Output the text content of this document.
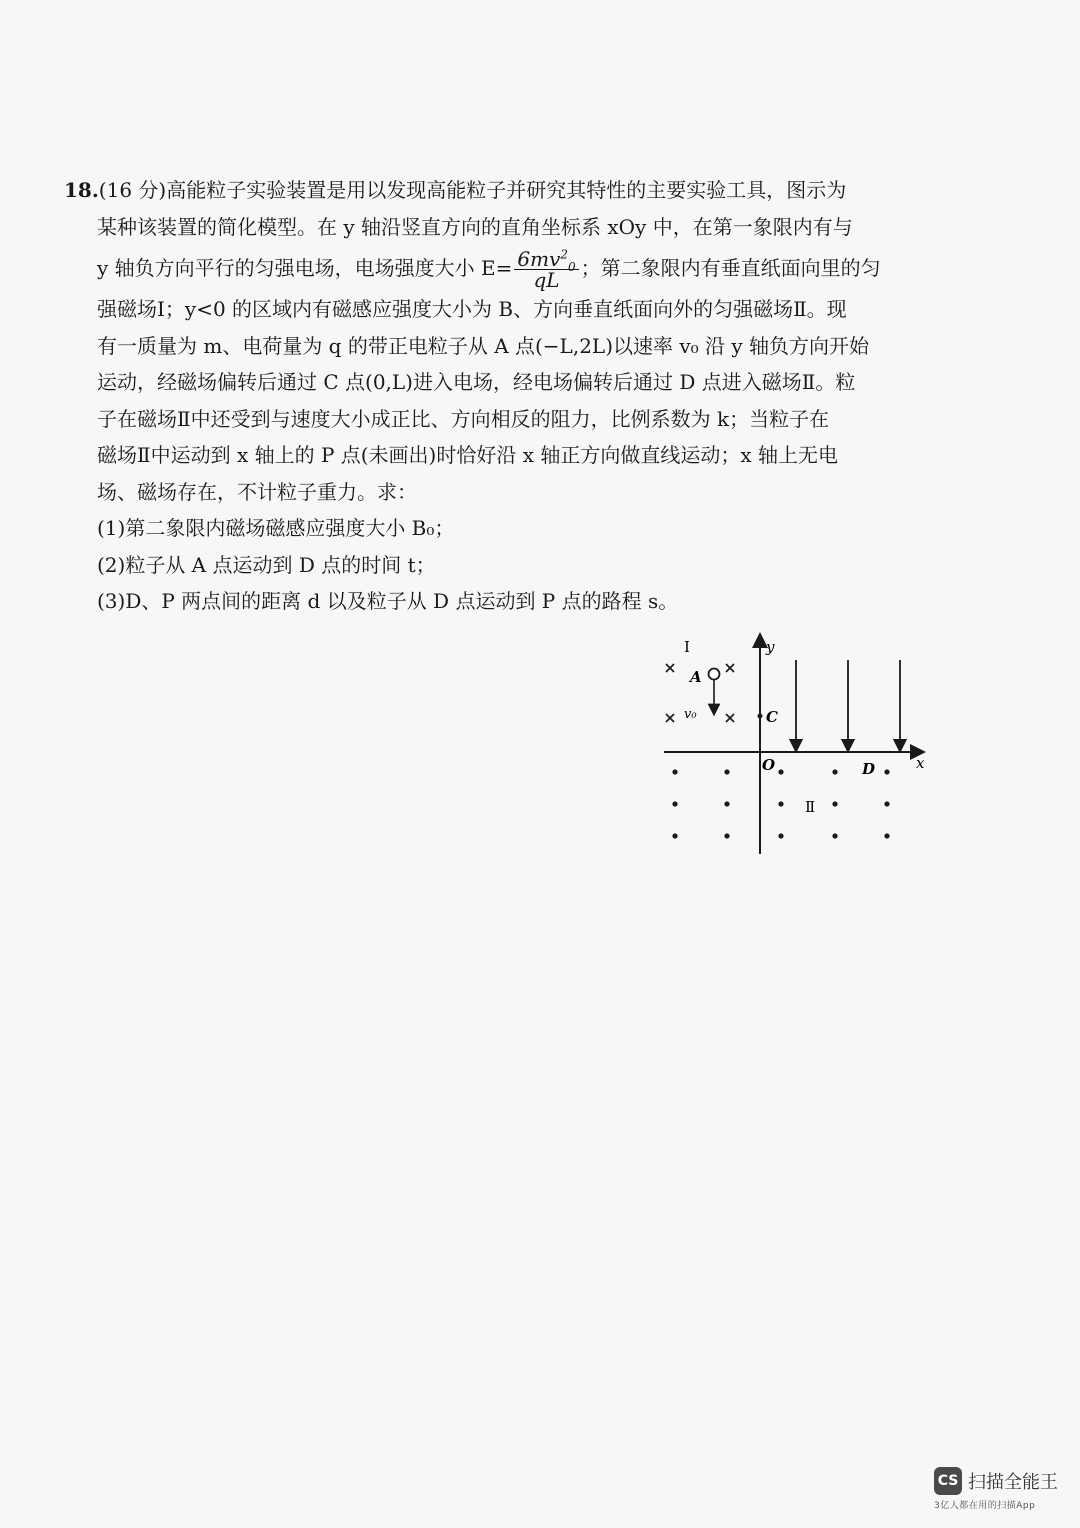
18.(16 分)高能粒子实验装置是用以发现高能粒子并研究其特性的主要实验工具，图示为
某种该装置的简化模型。在 y 轴沿竖直方向的直角坐标系 xOy 中，在第一象限内有与
y 轴负方向平行的匀强电场，电场强度大小 $E= \frac{6mv^2_0}{qL}$ ；第二象限内有垂直纸面向里的匀
强磁场Ⅰ；y<0 的区域内有磁感应强度大小为 B、方向垂直纸面向外的匀强磁场Ⅱ。现
有一质量为 m、电荷量为 q 的带正电粒子从 A 点(−L,2L)以速率 v₀ 沿 y 轴负方向开始
运动，经磁场偏转后通过 C 点(0,L)进入电场，经电场偏转后通过 D 点进入磁场Ⅱ。粒
子在磁场Ⅱ中还受到与速度大小成正比、方向相反的阻力，比例系数为 k；当粒子在
磁场Ⅱ中运动到 x 轴上的 P 点(未画出)时恰好沿 x 轴正方向做直线运动；x 轴上无电
场、磁场存在，不计粒子重力。求：
(1)第二象限内磁场磁感应强度大小 B₀；
(2)粒子从 A 点运动到 D 点的时间 t；
(3)D、P 两点间的距离 d 以及粒子从 D 点运动到 P 点的路程 s。
y
x
Ⅰ
O
Ⅱ
A
v₀	C
D
CS 扫描全能王
3亿人都在用的扫描App
